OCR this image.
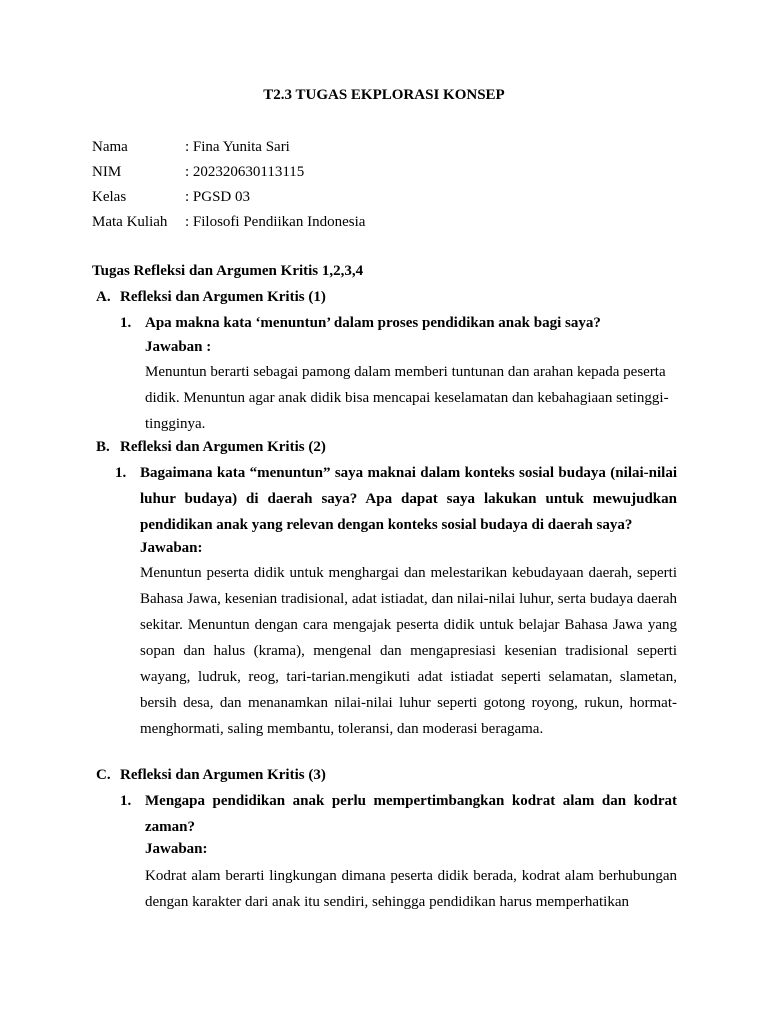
T2.3 TUGAS EKPLORASI KONSEP
Nama	: Fina Yunita Sari
NIM	: 202320630113115
Kelas	: PGSD 03
Mata Kuliah	: Filosofi Pendiikan Indonesia
Tugas Refleksi dan Argumen Kritis 1,2,3,4
A. Refleksi dan Argumen Kritis (1)
1. Apa makna kata ‘menuntun’ dalam proses pendidikan anak bagi saya?
Jawaban :
Menuntun berarti sebagai pamong dalam memberi tuntunan dan arahan kepada peserta didik. Menuntun agar anak didik bisa mencapai keselamatan dan kebahagiaan setinggi-tingginya.
B. Refleksi dan Argumen Kritis (2)
1. Bagaimana kata “menuntun” saya maknai dalam konteks sosial budaya (nilai-nilai luhur budaya) di daerah saya? Apa dapat saya lakukan untuk mewujudkan pendidikan anak yang relevan dengan konteks sosial budaya di daerah saya?
Jawaban:
Menuntun peserta didik untuk menghargai dan melestarikan kebudayaan daerah, seperti Bahasa Jawa, kesenian tradisional, adat istiadat, dan nilai-nilai luhur, serta budaya daerah sekitar. Menuntun dengan cara mengajak peserta didik untuk belajar Bahasa Jawa yang sopan dan halus (krama), mengenal dan mengapresiasi kesenian tradisional seperti wayang, ludruk, reog, tari-tarian.mengikuti adat istiadat seperti selamatan, slametan, bersih desa, dan menanamkan nilai-nilai luhur seperti gotong royong, rukun, hormat-menghormati, saling membantu, toleransi, dan moderasi beragama.
C. Refleksi dan Argumen Kritis (3)
1. Mengapa pendidikan anak perlu mempertimbangkan kodrat alam dan kodrat zaman?
Jawaban:
Kodrat alam berarti lingkungan dimana peserta didik berada, kodrat alam berhubungan dengan karakter dari anak itu sendiri, sehingga pendidikan harus memperhatikan
